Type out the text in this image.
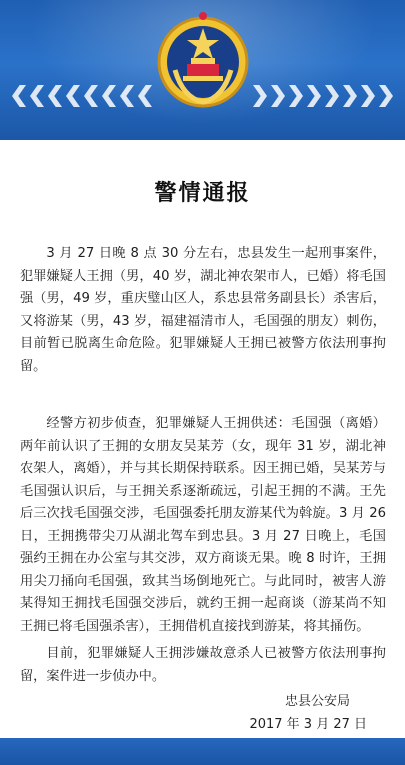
警情通报

3 月 27 日晚 8 点 30 分左右，忠县发生一起刑事案件，犯罪嫌疑人王拥（男，40 岁，湖北神农架市人，已婚）将毛国强（男，49 岁，重庆璧山区人，系忠县常务副县长）杀害后，又将游某（男，43 岁，福建福清市人，毛国强的朋友）刺伤，目前暂已脱离生命危险。犯罪嫌疑人王拥已被警方依法刑事拘留。

经警方初步侦查，犯罪嫌疑人王拥供述：毛国强（离婚）两年前认识了王拥的女朋友吴某芳（女，现年 31 岁，湖北神农架人，离婚），并与其长期保持联系。因王拥已婚，吴某芳与毛国强认识后，与王拥关系逐渐疏远，引起王拥的不满。王先后三次找毛国强交涉，毛国强委托朋友游某代为斡旋。3 月 26 日，王拥携带尖刀从湖北驾车到忠县。3 月 27 日晚上，毛国强约王拥在办公室与其交涉，双方商谈无果。晚 8 时许，王拥用尖刀捅向毛国强，致其当场倒地死亡。与此同时，被害人游某得知王拥找毛国强交涉后，就约王拥一起商谈（游某尚不知王拥已将毛国强杀害），王拥借机直接找到游某，将其捅伤。

目前，犯罪嫌疑人王拥涉嫌故意杀人已被警方依法刑事拘留，案件进一步侦办中。

忠县公安局
2017 年 3 月 27 日
